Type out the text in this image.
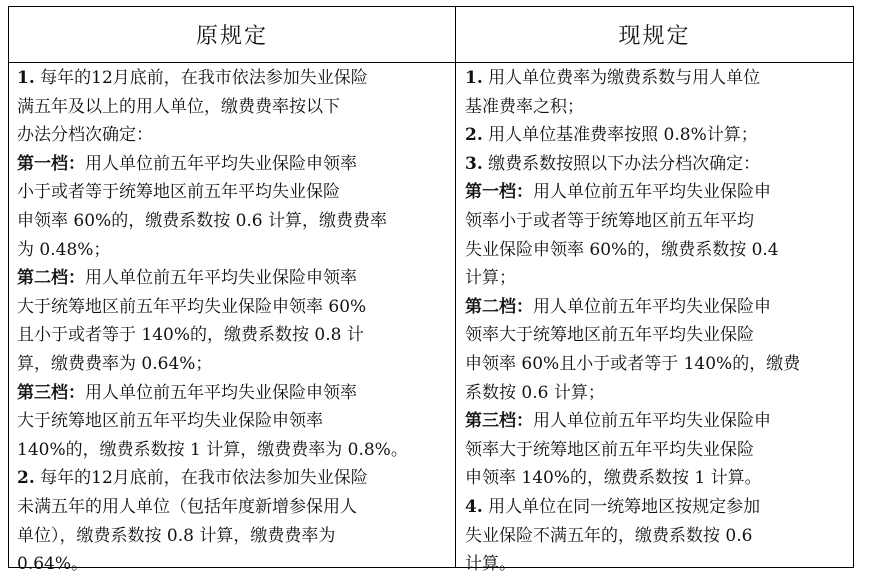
原规定	现规定
1. 每年的12月底前，在我市依法参加失业保险
满五年及以上的用人单位，缴费费率按以下
办法分档次确定：
第一档：用人单位前五年平均失业保险申领率
小于或者等于统筹地区前五年平均失业保险
申领率 60%的，缴费系数按 0.6 计算，缴费费率
为 0.48%；
第二档：用人单位前五年平均失业保险申领率
大于统筹地区前五年平均失业保险申领率 60%
且小于或者等于 140%的，缴费系数按 0.8 计
算，缴费费率为 0.64%；
第三档：用人单位前五年平均失业保险申领率
大于统筹地区前五年平均失业保险申领率
140%的，缴费系数按 1 计算，缴费费率为 0.8%。
2. 每年的12月底前，在我市依法参加失业保险
未满五年的用人单位（包括年度新增参保用人
单位），缴费系数按 0.8 计算，缴费费率为
0.64%。
1. 用人单位费率为缴费系数与用人单位
基准费率之积；
2. 用人单位基准费率按照 0.8%计算；
3. 缴费系数按照以下办法分档次确定：
第一档：用人单位前五年平均失业保险申
领率小于或者等于统筹地区前五年平均
失业保险申领率 60%的，缴费系数按 0.4
计算；
第二档：用人单位前五年平均失业保险申
领率大于统筹地区前五年平均失业保险
申领率 60%且小于或者等于 140%的，缴费
系数按 0.6 计算；
第三档：用人单位前五年平均失业保险申
领率大于统筹地区前五年平均失业保险
申领率 140%的，缴费系数按 1 计算。
4. 用人单位在同一统筹地区按规定参加
失业保险不满五年的，缴费系数按 0.6
计算。
